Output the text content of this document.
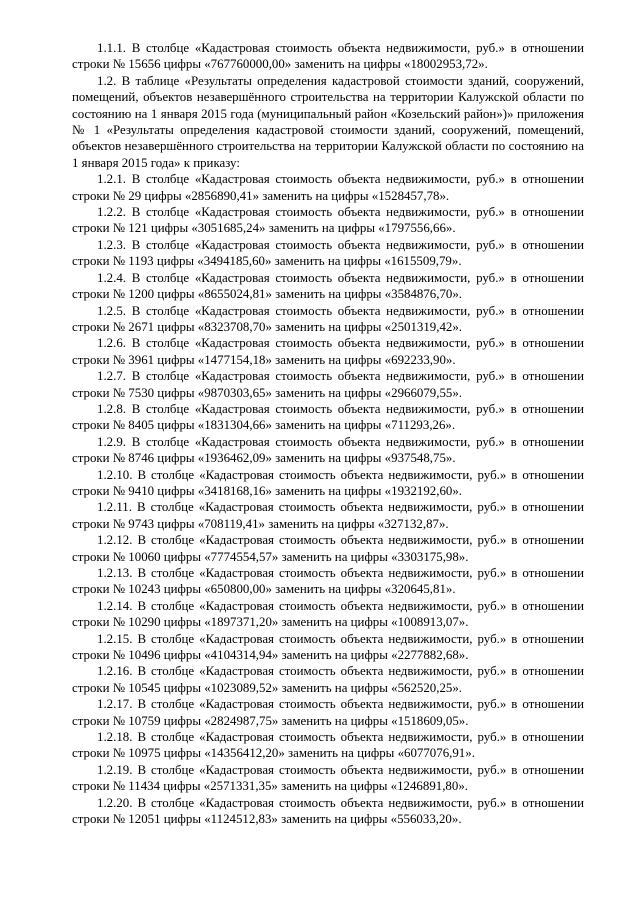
1.1.1. В столбце «Кадастровая стоимость объекта недвижимости, руб.» в отношении строки № 15656 цифры «767760000,00» заменить на цифры «18002953,72».

1.2. В таблице «Результаты определения кадастровой стоимости зданий, сооружений, помещений, объектов незавершённого строительства на территории Калужской области по состоянию на 1 января 2015 года (муниципальный район «Козельский район»)» приложения № 1 «Результаты определения кадастровой стоимости зданий, сооружений, помещений, объектов незавершённого строительства на территории Калужской области по состоянию на 1 января 2015 года» к приказу:

1.2.1. В столбце «Кадастровая стоимость объекта недвижимости, руб.» в отношении строки № 29 цифры «2856890,41» заменить на цифры «1528457,78».

1.2.2. В столбце «Кадастровая стоимость объекта недвижимости, руб.» в отношении строки № 121 цифры «3051685,24» заменить на цифры «1797556,66».

1.2.3. В столбце «Кадастровая стоимость объекта недвижимости, руб.» в отношении строки № 1193 цифры «3494185,60» заменить на цифры «1615509,79».

1.2.4. В столбце «Кадастровая стоимость объекта недвижимости, руб.» в отношении строки № 1200 цифры «8655024,81» заменить на цифры «3584876,70».

1.2.5. В столбце «Кадастровая стоимость объекта недвижимости, руб.» в отношении строки № 2671 цифры «8323708,70» заменить на цифры «2501319,42».

1.2.6. В столбце «Кадастровая стоимость объекта недвижимости, руб.» в отношении строки № 3961 цифры «1477154,18» заменить на цифры «692233,90».

1.2.7. В столбце «Кадастровая стоимость объекта недвижимости, руб.» в отношении строки № 7530 цифры «9870303,65» заменить на цифры «2966079,55».

1.2.8. В столбце «Кадастровая стоимость объекта недвижимости, руб.» в отношении строки № 8405 цифры «1831304,66» заменить на цифры «711293,26».

1.2.9. В столбце «Кадастровая стоимость объекта недвижимости, руб.» в отношении строки № 8746 цифры «1936462,09» заменить на цифры «937548,75».

1.2.10. В столбце «Кадастровая стоимость объекта недвижимости, руб.» в отношении строки № 9410 цифры «3418168,16» заменить на цифры «1932192,60».

1.2.11. В столбце «Кадастровая стоимость объекта недвижимости, руб.» в отношении строки № 9743 цифры «708119,41» заменить на цифры «327132,87».

1.2.12. В столбце «Кадастровая стоимость объекта недвижимости, руб.» в отношении строки № 10060 цифры «7774554,57» заменить на цифры «3303175,98».

1.2.13. В столбце «Кадастровая стоимость объекта недвижимости, руб.» в отношении строки № 10243 цифры «650800,00» заменить на цифры «320645,81».

1.2.14. В столбце «Кадастровая стоимость объекта недвижимости, руб.» в отношении строки № 10290 цифры «1897371,20» заменить на цифры «1008913,07».

1.2.15. В столбце «Кадастровая стоимость объекта недвижимости, руб.» в отношении строки № 10496 цифры «4104314,94» заменить на цифры «2277882,68».

1.2.16. В столбце «Кадастровая стоимость объекта недвижимости, руб.» в отношении строки № 10545 цифры «1023089,52» заменить на цифры «562520,25».

1.2.17. В столбце «Кадастровая стоимость объекта недвижимости, руб.» в отношении строки № 10759 цифры «2824987,75» заменить на цифры «1518609,05».

1.2.18. В столбце «Кадастровая стоимость объекта недвижимости, руб.» в отношении строки № 10975 цифры «14356412,20» заменить на цифры «6077076,91».

1.2.19. В столбце «Кадастровая стоимость объекта недвижимости, руб.» в отношении строки № 11434 цифры «2571331,35» заменить на цифры «1246891,80».

1.2.20. В столбце «Кадастровая стоимость объекта недвижимости, руб.» в отношении строки № 12051 цифры «1124512,83» заменить на цифры «556033,20».
